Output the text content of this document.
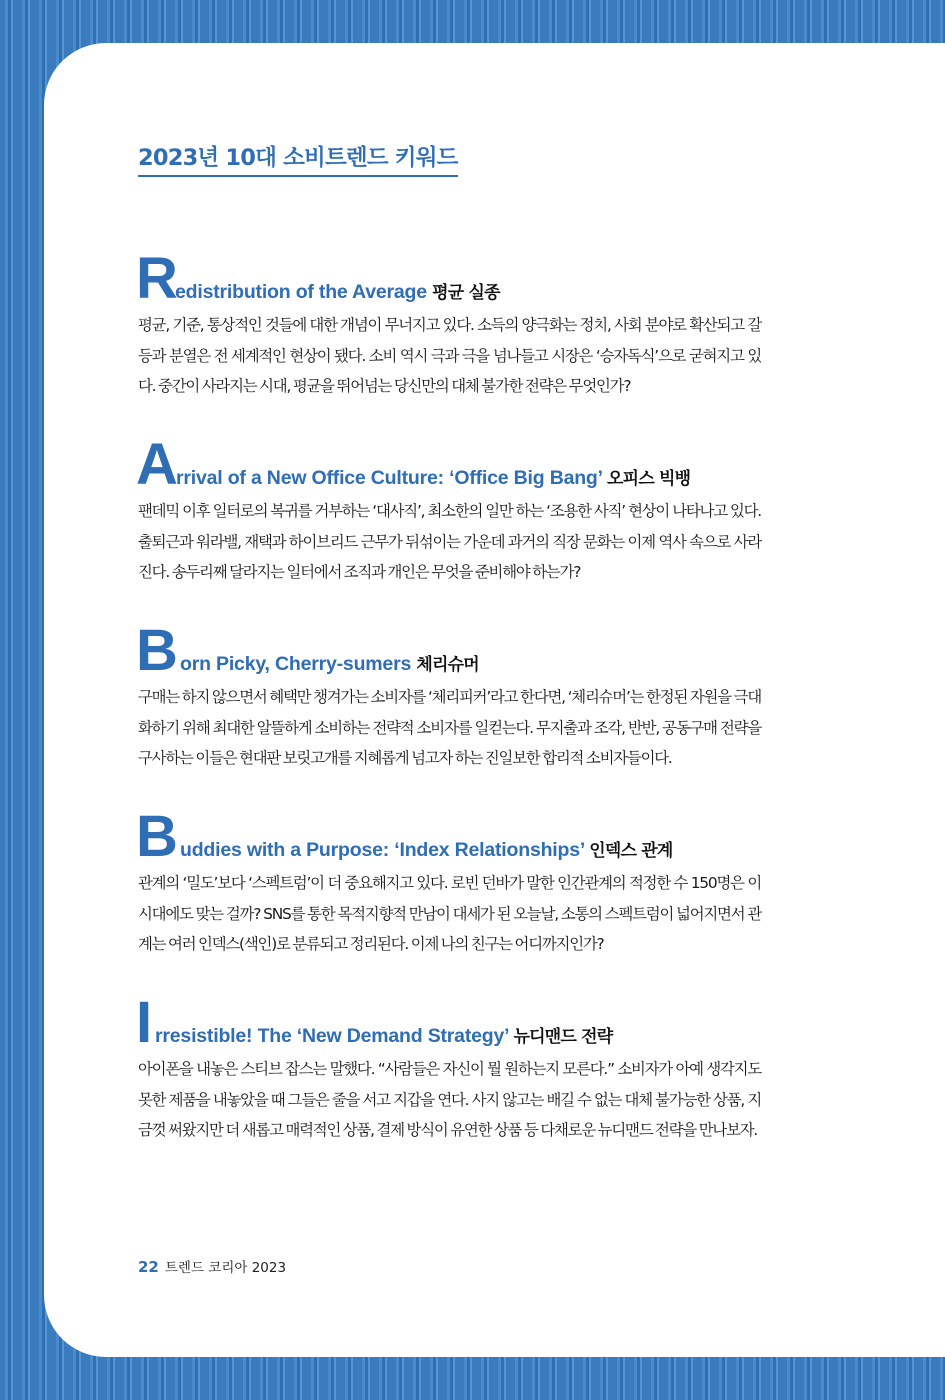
2023년 10대 소비트렌드 키워드
R
edistribution of the Average 평균 실종
평균, 기준, 통상적인 것들에 대한 개념이 무너지고 있다. 소득의 양극화는 정치, 사회 분야로 확산되고 갈등과 분열은 전 세계적인 현상이 됐다. 소비 역시 극과 극을 넘나들고 시장은 ‘승자독식’으로 굳혀지고 있다. 중간이 사라지는 시대, 평균을 뛰어넘는 당신만의 대체 불가한 전략은 무엇인가?
A
rrival of a New Office Culture: ‘Office Big Bang’ 오피스 빅뱅
팬데믹 이후 일터로의 복귀를 거부하는 ‘대사직’, 최소한의 일만 하는 ‘조용한 사직’ 현상이 나타나고 있다. 출퇴근과 워라밸, 재택과 하이브리드 근무가 뒤섞이는 가운데 과거의 직장 문화는 이제 역사 속으로 사라진다. 송두리째 달라지는 일터에서 조직과 개인은 무엇을 준비해야 하는가?
B orn Picky, Cherry-sumers 체리슈머
구매는 하지 않으면서 혜택만 챙겨가는 소비자를 ‘체리피커’라고 한다면, ‘체리슈머’는 한정된 자원을 극대화하기 위해 최대한 알뜰하게 소비하는 전략적 소비자를 일컫는다. 무지출과 조각, 반반, 공동구매 전략을 구사하는 이들은 현대판 보릿고개를 지혜롭게 넘고자 하는 진일보한 합리적 소비자들이다.
B uddies with a Purpose: ‘Index Relationships’ 인덱스 관계
관계의 ‘밀도’보다 ‘스펙트럼’이 더 중요해지고 있다. 로빈 던바가 말한 인간관계의 적정한 수 150명은 이 시대에도 맞는 걸까? SNS를 통한 목적지향적 만남이 대세가 된 오늘날, 소통의 스펙트럼이 넓어지면서 관계는 여러 인덱스(색인)로 분류되고 정리된다. 이제 나의 친구는 어디까지인가?
I rresistible! The ‘New Demand Strategy’ 뉴디맨드 전략
아이폰을 내놓은 스티브 잡스는 말했다. “사람들은 자신이 뭘 원하는지 모른다.” 소비자가 아예 생각지도 못한 제품을 내놓았을 때 그들은 줄을 서고 지갑을 연다. 사지 않고는 배길 수 없는 대체 불가능한 상품, 지금껏 써왔지만 더 새롭고 매력적인 상품, 결제 방식이 유연한 상품 등 다채로운 뉴디맨드 전략을 만나보자.
22 트렌드 코리아 2023
